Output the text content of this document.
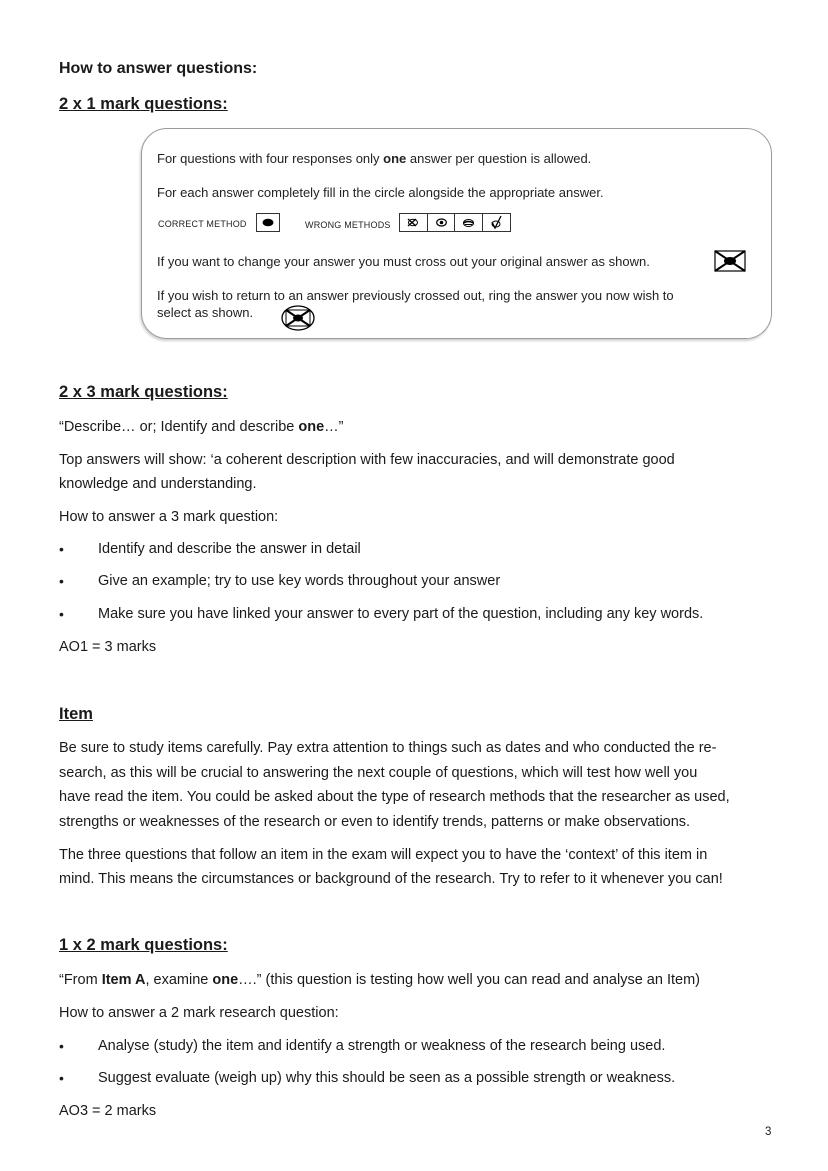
How to answer questions:
2 x 1 mark questions:
For questions with four responses only one answer per question is allowed.
For each answer completely fill in the circle alongside the appropriate answer.
CORRECT METHOD	WRONG METHODS
If you want to change your answer you must cross out your original answer as shown.
If you wish to return to an answer previously crossed out, ring the answer you now wish to
select as shown.
2 x 3 mark questions:
“Describe… or; Identify and describe one…”
Top answers will show: ‘a coherent description with few inaccuracies, and will demonstrate good
knowledge and understanding.
How to answer a 3 mark question:
• Identify and describe the answer in detail
• Give an example; try to use key words throughout your answer
• Make sure you have linked your answer to every part of the question, including any key words.
AO1 = 3 marks
Item
Be sure to study items carefully. Pay extra attention to things such as dates and who conducted the re-
search, as this will be crucial to answering the next couple of questions, which will test how well you
have read the item. You could be asked about the type of research methods that the researcher as used,
strengths or weaknesses of the research or even to identify trends, patterns or make observations.
The three questions that follow an item in the exam will expect you to have the ‘context’ of this item in
mind. This means the circumstances or background of the research. Try to refer to it whenever you can!
1 x 2 mark questions:
“From Item A, examine one….” (this question is testing how well you can read and analyse an Item)
How to answer a 2 mark research question:
• Analyse (study) the item and identify a strength or weakness of the research being used.
• Suggest evaluate (weigh up) why this should be seen as a possible strength or weakness.
AO3 = 2 marks
3
